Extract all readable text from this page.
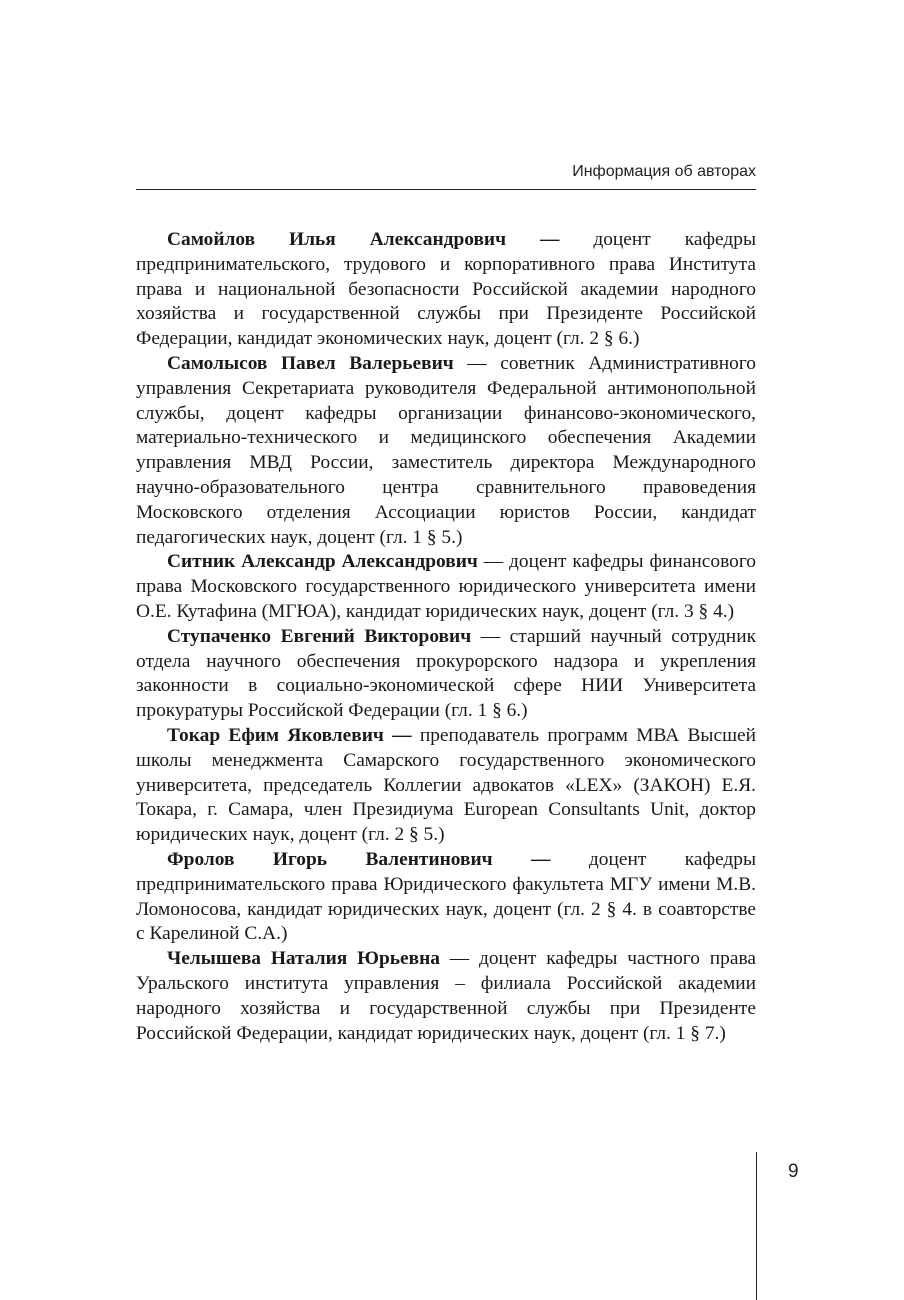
Информация об авторах

Самойлов Илья Александрович — доцент кафедры предпринимательского, трудового и корпоративного права Института права и национальной безопасности Российской академии народного хозяйства и государственной службы при Президенте Российской Федерации, кандидат экономических наук, доцент (гл. 2 § 6.)

Самолысов Павел Валерьевич — советник Административного управления Секретариата руководителя Федеральной антимонопольной службы, доцент кафедры организации финансово-экономического, материально-технического и медицинского обеспечения Академии управления МВД России, заместитель директора Международного научно-образовательного центра сравнительного правоведения Московского отделения Ассоциации юристов России, кандидат педагогических наук, доцент (гл. 1 § 5.)

Ситник Александр Александрович — доцент кафедры финансового права Московского государственного юридического университета имени О.Е. Кутафина (МГЮА), кандидат юридических наук, доцент (гл. 3 § 4.)

Ступаченко Евгений Викторович — старший научный сотрудник отдела научного обеспечения прокурорского надзора и укрепления законности в социально-экономической сфере НИИ Университета прокуратуры Российской Федерации (гл. 1 § 6.)

Токар Ефим Яковлевич — преподаватель программ МВА Высшей школы менеджмента Самарского государственного экономического университета, председатель Коллегии адвокатов «LEX» (ЗАКОН) Е.Я. Токара, г. Самара, член Президиума European Consultants Unit, доктор юридических наук, доцент (гл. 2 § 5.)

Фролов Игорь Валентинович — доцент кафедры предпринимательского права Юридического факультета МГУ имени М.В. Ломоносова, кандидат юридических наук, доцент (гл. 2 § 4. в соавторстве с Карелиной С.А.)

Челышева Наталия Юрьевна — доцент кафедры частного права Уральского института управления – филиала Российской академии народного хозяйства и государственной службы при Президенте Российской Федерации, кандидат юридических наук, доцент (гл. 1 § 7.)

9
